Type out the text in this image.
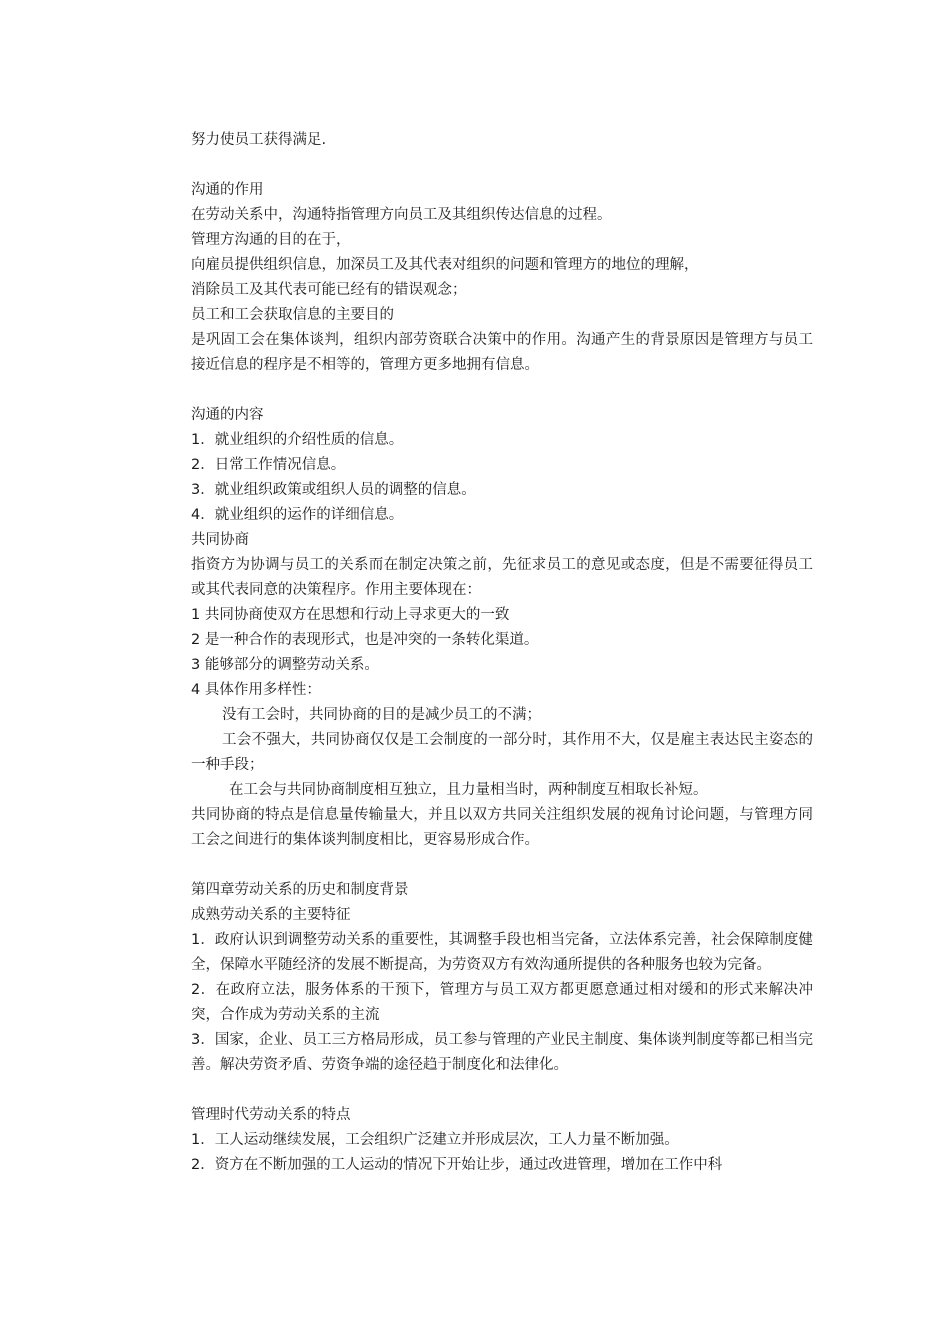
努力使员工获得满足.
沟通的作用
在劳动关系中，沟通特指管理方向员工及其组织传达信息的过程。
管理方沟通的目的在于，
向雇员提供组织信息，加深员工及其代表对组织的问题和管理方的地位的理解，
消除员工及其代表可能已经有的错误观念；
员工和工会获取信息的主要目的
是巩固工会在集体谈判，组织内部劳资联合决策中的作用。沟通产生的背景原因是管理方与员工接近信息的程序是不相等的，管理方更多地拥有信息。
沟通的内容
1．就业组织的介绍性质的信息。
2．日常工作情况信息。
3．就业组织政策或组织人员的调整的信息。
4．就业组织的运作的详细信息。
共同协商
指资方为协调与员工的关系而在制定决策之前，先征求员工的意见或态度，但是不需要征得员工或其代表同意的决策程序。作用主要体现在：
1 共同协商使双方在思想和行动上寻求更大的一致
2 是一种合作的表现形式，也是冲突的一条转化渠道。
3 能够部分的调整劳动关系。
4 具体作用多样性：
没有工会时，共同协商的目的是减少员工的不满；
工会不强大，共同协商仅仅是工会制度的一部分时，其作用不大，仅是雇主表达民主姿态的一种手段；
在工会与共同协商制度相互独立，且力量相当时，两种制度互相取长补短。
共同协商的特点是信息量传输量大，并且以双方共同关注组织发展的视角讨论问题，与管理方同工会之间进行的集体谈判制度相比，更容易形成合作。
第四章劳动关系的历史和制度背景
成熟劳动关系的主要特征
1．政府认识到调整劳动关系的重要性，其调整手段也相当完备，立法体系完善，社会保障制度健全，保障水平随经济的发展不断提高，为劳资双方有效沟通所提供的各种服务也较为完备。
2．在政府立法，服务体系的干预下，管理方与员工双方都更愿意通过相对缓和的形式来解决冲突，合作成为劳动关系的主流
3．国家，企业、员工三方格局形成，员工参与管理的产业民主制度、集体谈判制度等都已相当完善。解决劳资矛盾、劳资争端的途径趋于制度化和法律化。
管理时代劳动关系的特点
1．工人运动继续发展，工会组织广泛建立并形成层次，工人力量不断加强。
2．资方在不断加强的工人运动的情况下开始让步，通过改进管理，增加在工作中科
